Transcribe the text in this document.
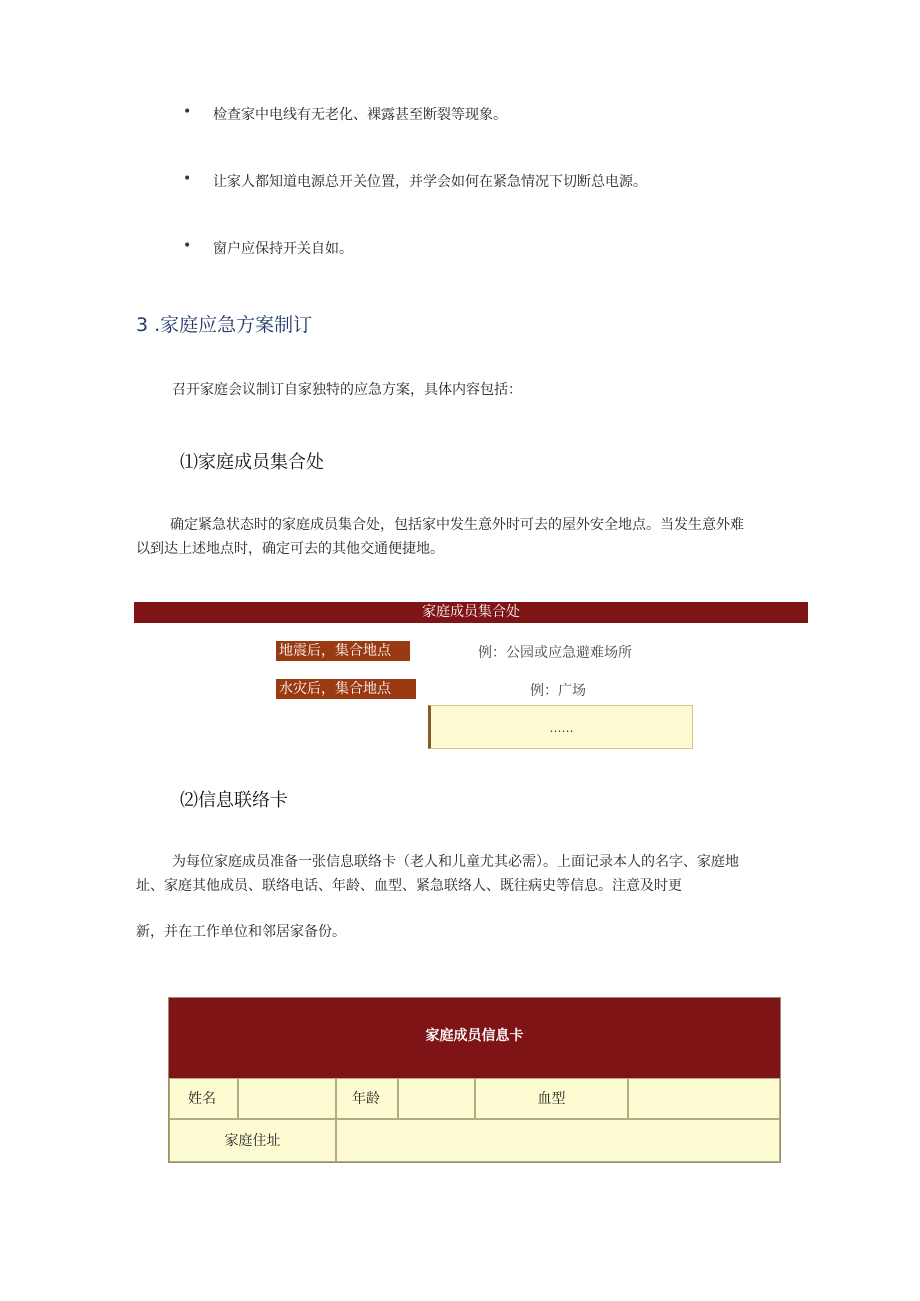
• 检查家中电线有无老化、裸露甚至断裂等现象。
• 让家人都知道电源总开关位置，并学会如何在紧急情况下切断总电源。
• 窗户应保持开关自如。
3 .家庭应急方案制订
召开家庭会议制订自家独特的应急方案，具体内容包括：
⑴家庭成员集合处
确定紧急状态时的家庭成员集合处，包括家中发生意外时可去的屋外安全地点。当发生意外难
以到达上述地点时，确定可去的其他交通便捷地。
家庭成员集合处
地震后，集合地点	例：公园或应急避难场所
水灾后，集合地点	例：广场
……
⑵信息联络卡
为每位家庭成员准备一张信息联络卡（老人和儿童尤其必需）。上面记录本人的名字、家庭地
址、家庭其他成员、联络电话、年龄、血型、紧急联络人、既往病史等信息。注意及时更
新，并在工作单位和邻居家备份。
家庭成员信息卡
姓名	年龄	血型
家庭住址
